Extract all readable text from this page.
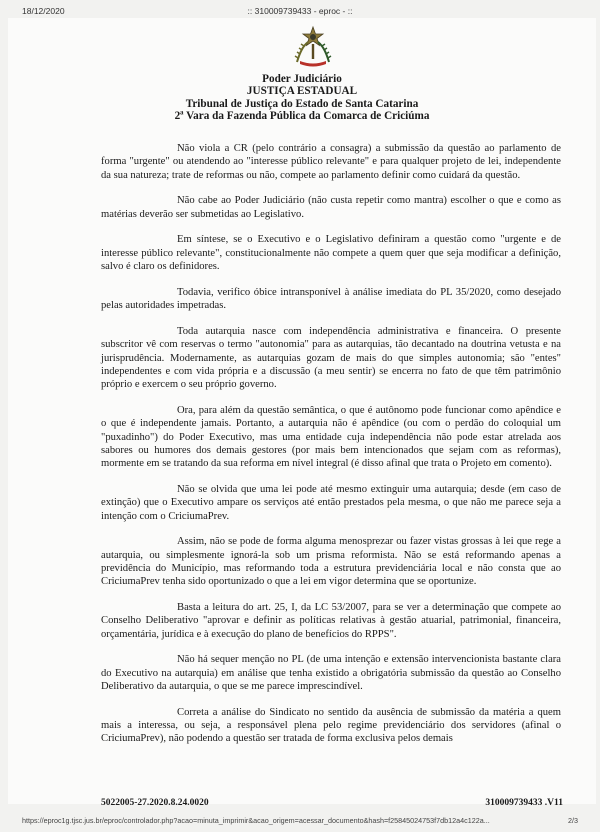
18/12/2020	:: 310009739433 - eproc - ::
Poder Judiciário
JUSTIÇA ESTADUAL
Tribunal de Justiça do Estado de Santa Catarina
2ª Vara da Fazenda Pública da Comarca de Criciúma

Não viola a CR (pelo contrário a consagra) a submissão da questão ao parlamento de forma "urgente" ou atendendo ao "interesse público relevante" e para qualquer projeto de lei, independente da sua natureza; trate de reformas ou não, compete ao parlamento definir como cuidará da questão.

Não cabe ao Poder Judiciário (não custa repetir como mantra) escolher o que e como as matérias deverão ser submetidas ao Legislativo.

Em síntese, se o Executivo e o Legislativo definiram a questão como "urgente e de interesse público relevante", constitucionalmente não compete a quem quer que seja modificar a definição, salvo é claro os definidores.

Todavia, verifico óbice intransponível à análise imediata do PL 35/2020, como desejado pelas autoridades impetradas.

Toda autarquia nasce com independência administrativa e financeira. O presente subscritor vê com reservas o termo "autonomia" para as autarquias, tão decantado na doutrina vetusta e na jurisprudência. Modernamente, as autarquias gozam de mais do que simples autonomia; são "entes" independentes e com vida própria e a discussão (a meu sentir) se encerra no fato de que têm patrimônio próprio e exercem o seu próprio governo.

Ora, para além da questão semântica, o que é autônomo pode funcionar como apêndice e o que é independente jamais. Portanto, a autarquia não é apêndice (ou com o perdão do coloquial um "puxadinho") do Poder Executivo, mas uma entidade cuja independência não pode estar atrelada aos sabores ou humores dos demais gestores (por mais bem intencionados que sejam com as reformas), mormente em se tratando da sua reforma em nível integral (é disso afinal que trata o Projeto em comento).

Não se olvida que uma lei pode até mesmo extinguir uma autarquia; desde (em caso de extinção) que o Executivo ampare os serviços até então prestados pela mesma, o que não me parece seja a intenção com o CriciumaPrev.

Assim, não se pode de forma alguma menosprezar ou fazer vistas grossas à lei que rege a autarquia, ou simplesmente ignorá-la sob um prisma reformista. Não se está reformando apenas a previdência do Município, mas reformando toda a estrutura previdenciária local e não consta que ao CriciumaPrev tenha sido oportunizado o que a lei em vigor determina que se oportunize.

Basta a leitura do art. 25, I, da LC 53/2007, para se ver a determinação que compete ao Conselho Deliberativo "aprovar e definir as políticas relativas à gestão atuarial, patrimonial, financeira, orçamentária, jurídica e à execução do plano de benefícios do RPPS".

Não há sequer menção no PL (de uma intenção e extensão intervencionista bastante clara do Executivo na autarquia) em análise que tenha existido a obrigatória submissão da questão ao Conselho Deliberativo da autarquia, o que se me parece imprescindível.

Correta a análise do Sindicato no sentido da ausência de submissão da matéria a quem mais a interessa, ou seja, a responsável plena pelo regime previdenciário dos servidores (afinal o CriciumaPrev), não podendo a questão ser tratada de forma exclusiva pelos demais

5022005-27.2020.8.24.0020	310009739433 .V11
https://eproc1g.tjsc.jus.br/eproc/controlador.php?acao=minuta_imprimir&acao_origem=acessar_documento&hash=f25845024753f7db12a4c122a...	2/3
